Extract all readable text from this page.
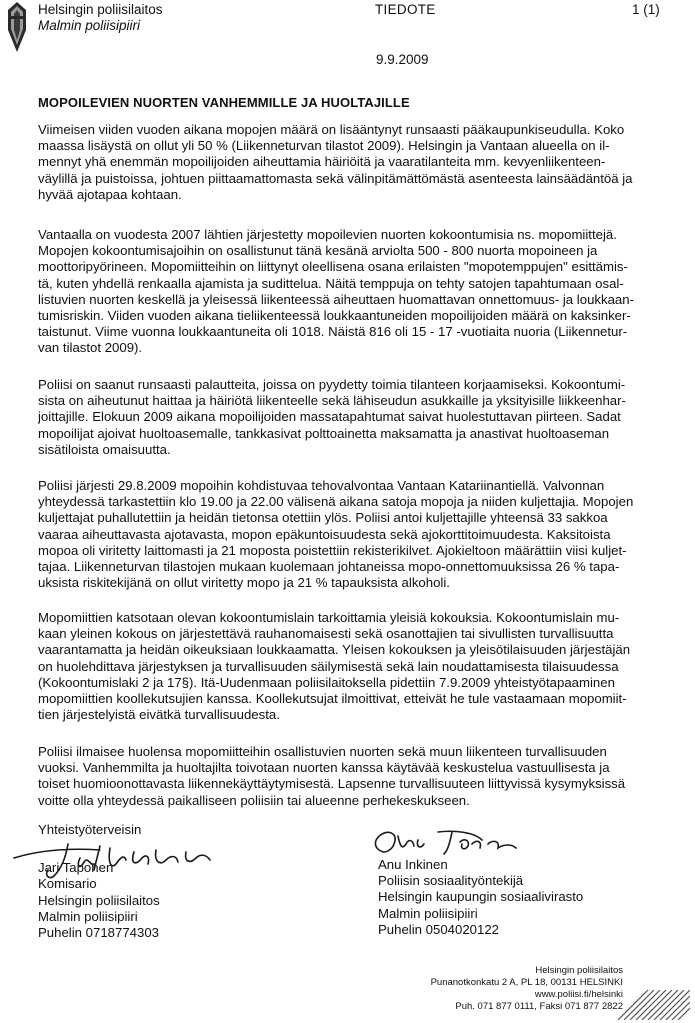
Helsingin poliisilaitos
Malmin poliisipiiri
TIEDOTE	1 (1)
9.9.2009
MOPOILEVIEN NUORTEN VANHEMMILLE JA HUOLTAJILLE
Viimeisen viiden vuoden aikana mopojen määrä on lisääntynyt runsaasti pääkaupunkiseudulla. Koko
maassa lisäystä on ollut yli 50 % (Liikenneturvan tilastot 2009). Helsingin ja Vantaan alueella on il-
mennyt yhä enemmän mopoilijoiden aiheuttamia häiriöitä ja vaaratilanteita mm. kevyenliikenteen-
väylillä ja puistoissa, johtuen piittaamattomasta sekä välinpitämättömästä asenteesta lainsäädäntöä ja
hyvää ajotapaa kohtaan.
Vantaalla on vuodesta 2007 lähtien järjestetty mopoilevien nuorten kokoontumisia ns. mopomiittejä.
Mopojen kokoontumisajoihin on osallistunut tänä kesänä arviolta 500 - 800 nuorta mopoineen ja
moottoripyörineen. Mopomiitteihin on liittynyt oleellisena osana erilaisten "mopotemppujen" esittämis-
tä, kuten yhdellä renkaalla ajamista ja sudittelua. Näitä temppuja on tehty satojen tapahtumaan osal-
listuvien nuorten keskellä ja yleisessä liikenteessä aiheuttaen huomattavan onnettomuus- ja loukkaan-
tumisriskin. Viiden vuoden aikana tieliikenteessä loukkaantuneiden mopoilijoiden määrä on kaksinker-
taistunut. Viime vuonna loukkaantuneita oli 1018. Näistä 816 oli 15 - 17 -vuotiaita nuoria (Liikennetur-
van tilastot 2009).
Poliisi on saanut runsaasti palautteita, joissa on pyydetty toimia tilanteen korjaamiseksi. Kokoontumi-
sista on aiheutunut haittaa ja häiriötä liikenteelle sekä lähiseudun asukkaille ja yksityisille liikkeenhar-
joittajille. Elokuun 2009 aikana mopoilijoiden massatapahtumat saivat huolestuttavan piirteen. Sadat
mopoilijat ajoivat huoltoasemalle, tankkasivat polttoainetta maksamatta ja anastivat huoltoaseman
sisätiloista omaisuutta.
Poliisi järjesti 29.8.2009 mopoihin kohdistuvaa tehovalvontaa Vantaan Katariinantiellä. Valvonnan
yhteydessä tarkastettiin klo 19.00 ja 22.00 välisenä aikana satoja mopoja ja niiden kuljettajia. Mopojen
kuljettajat puhallutettiin ja heidän tietonsa otettiin ylös. Poliisi antoi kuljettajille yhteensä 33 sakkoa
vaaraa aiheuttavasta ajotavasta, mopon epäkuntoisuudesta sekä ajokorttitoimuudesta. Kaksitoista
mopoa oli viritetty laittomasti ja 21 moposta poistettiin rekisterikilvet. Ajokieltoon määrättiin viisi kuljet-
tajaa. Liikenneturvan tilastojen mukaan kuolemaan johtaneissa mopo-onnettomuuksissa 26 % tapa-
uksista riskitekijänä on ollut viritetty mopo ja 21 % tapauksista alkoholi.
Mopomiittien katsotaan olevan kokoontumislain tarkoittamia yleisiä kokouksia. Kokoontumislain mu-
kaan yleinen kokous on järjestettävä rauhanomaisesti sekä osanottajien tai sivullisten turvallisuutta
vaarantamatta ja heidän oikeuksiaan loukkaamatta. Yleisen kokouksen ja yleisötilaisuuden järjestäjän
on huolehdittava järjestyksen ja turvallisuuden säilymisestä sekä lain noudattamisesta tilaisuudessa
(Kokoontumislaki 2 ja 17§). Itä-Uudenmaan poliisilaitoksella pidettiin 7.9.2009 yhteistyötapaaminen
mopomiittien koollekutsujien kanssa. Koollekutsujat ilmoittivat, etteivät he tule vastaamaan mopomiit-
tien järjestelyistä eivätkä turvallisuudesta.
Poliisi ilmaisee huolensa mopomiitteihin osallistuvien nuorten sekä muun liikenteen turvallisuuden
vuoksi. Vanhemmilta ja huoltajilta toivotaan nuorten kanssa käytävää keskustelua vastuullisesta ja
toiset huomioonottavasta liikennekäyttäytymisestä. Lapsenne turvallisuuteen liittyvissä kysymyksissä
voitte olla yhteydessä paikalliseen poliisiin tai alueenne perhekeskukseen.
Yhteistyöterveisin
Jari Taponen
Komisario
Helsingin poliisilaitos
Malmin poliisipiiri
Puhelin 0718774303
Anu Inkinen
Poliisin sosiaalityöntekijä
Helsingin kaupungin sosiaalivirasto
Malmin poliisipiiri
Puhelin 0504020122
Helsingin poliisilaitos
Punanotkonkatu 2 A, PL 18, 00131 HELSINKI
www.poliisi.fi/helsinki
Puh. 071 877 0111, Faksi 071 877 2822
